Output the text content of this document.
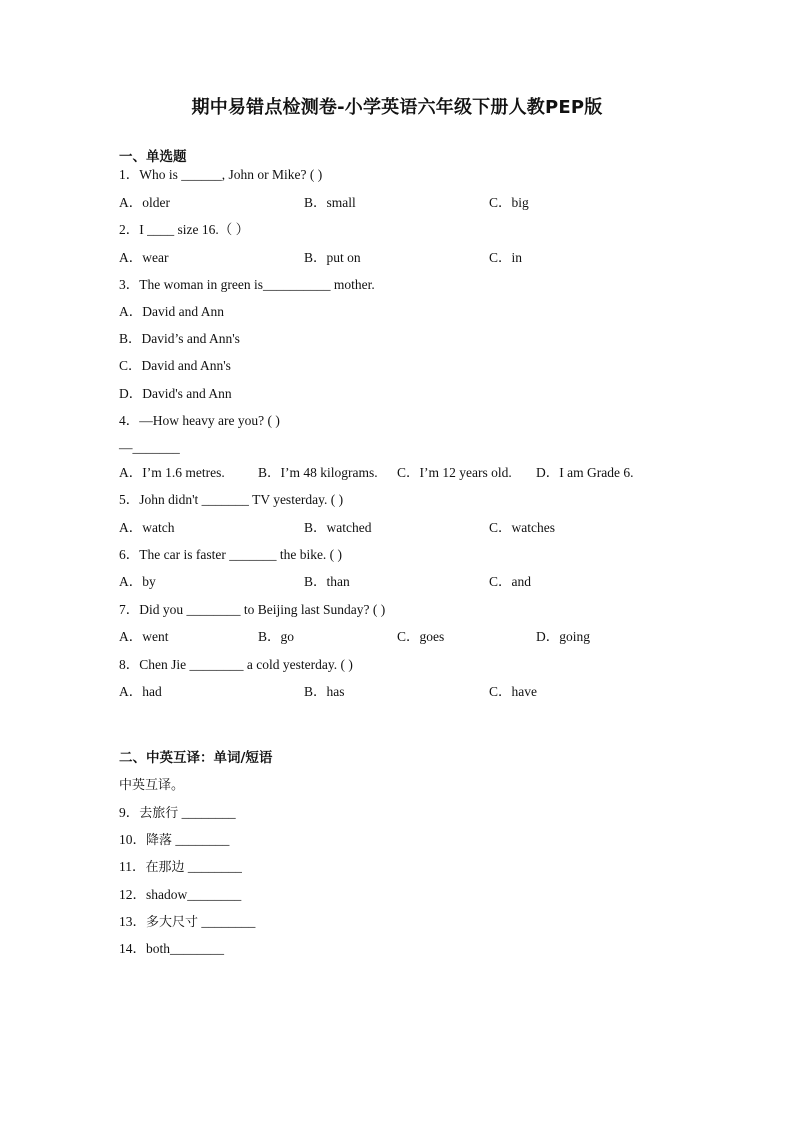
期中易错点检测卷-小学英语六年级下册人教PEP版
一、单选题
1．Who is ______, John or Mike? ( )
A．older	B．small	C．big
2．I ____ size 16.（ ）
A．wear	B．put on	C．in
3．The woman in green is__________ mother.
A．David and Ann
B．David’s and Ann's
C．David and Ann's
D．David's and Ann
4．—How heavy are you? ( )
—_______
A．I’m 1.6 metres. B．I’m 48 kilograms. C．I’m 12 years old. D．I am Grade 6.
5．John didn't _______ TV yesterday. ( )
A．watch	B．watched	C．watches
6．The car is faster _______ the bike. ( )
A．by	B．than	C．and
7．Did you ________ to Beijing last Sunday? ( )
A．went	B．go	C．goes	D．going
8．Chen Jie ________ a cold yesterday. ( )
A．had	B．has	C．have
二、中英互译：单词/短语
中英互译。
9．去旅行 ________
10．降落 ________
11．在那边 ________
12．shadow________
13．多大尺寸 ________
14．both________
